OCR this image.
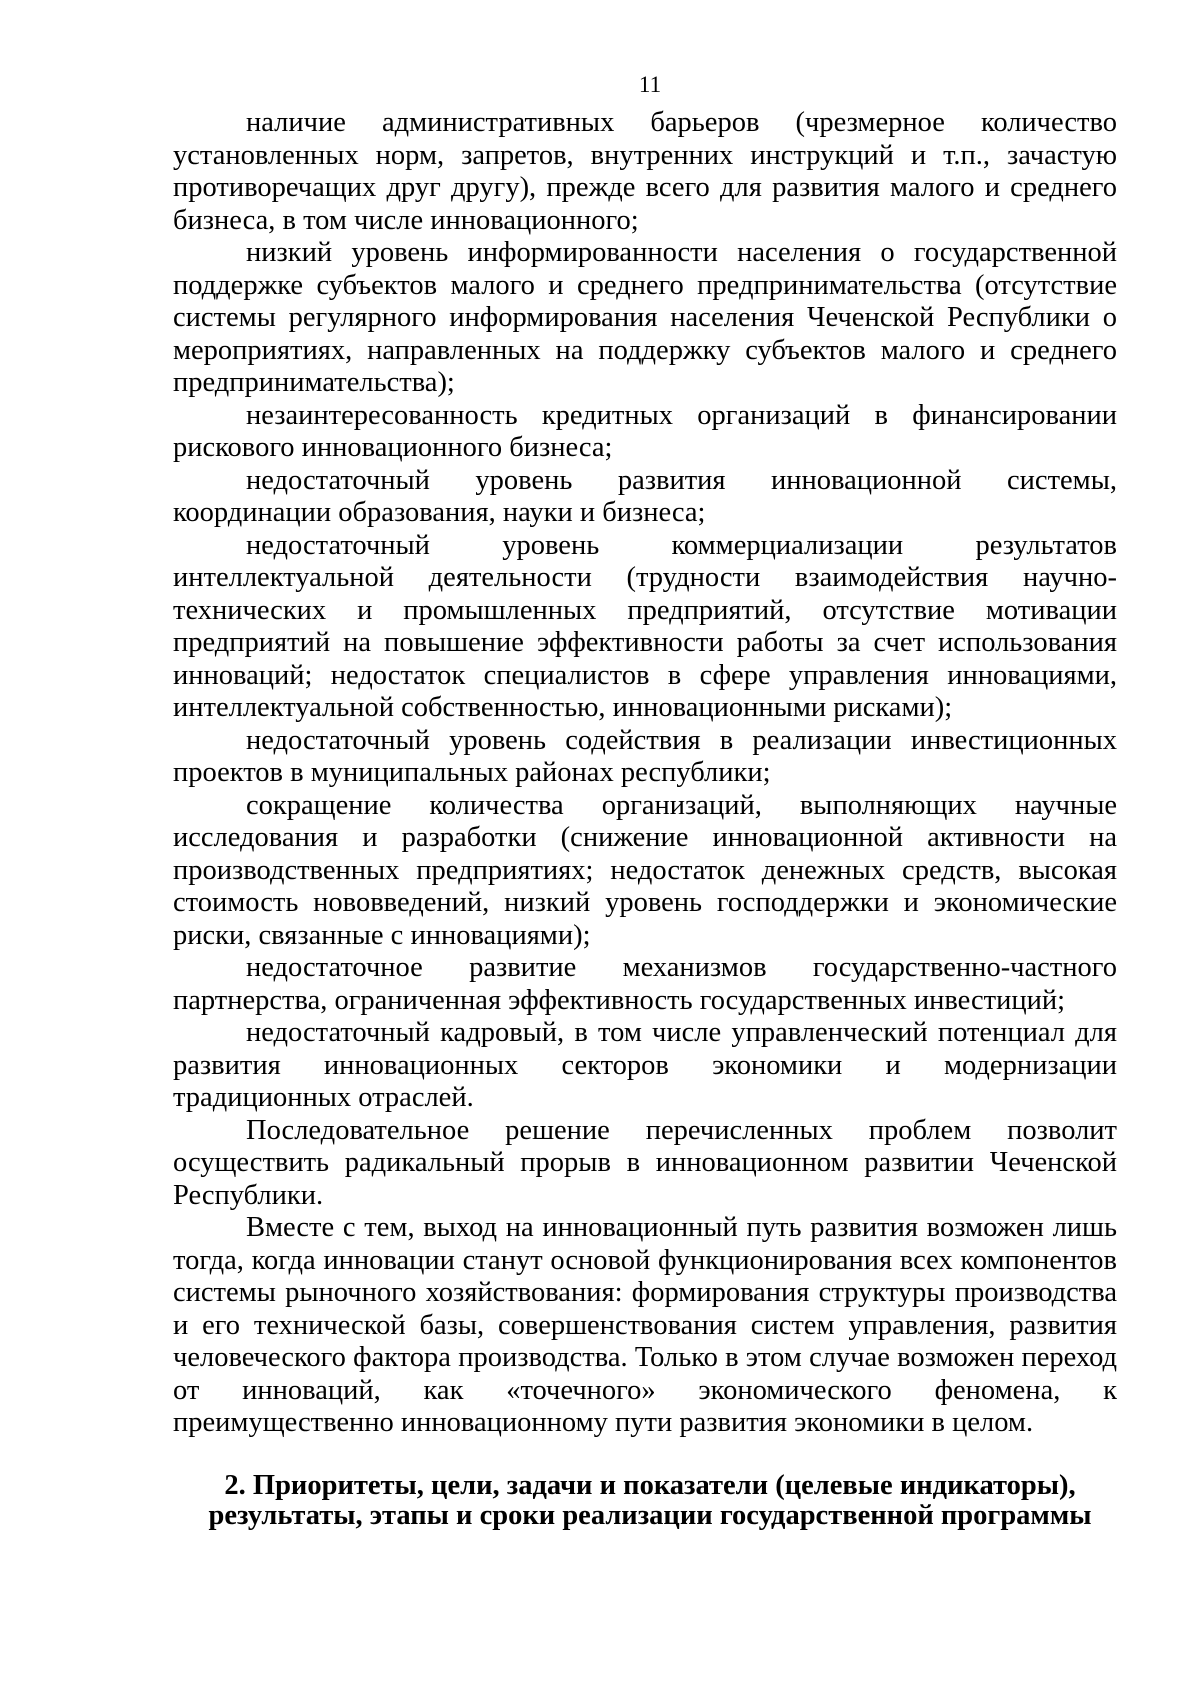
11

наличие административных барьеров (чрезмерное количество установленных норм, запретов, внутренних инструкций и т.п., зачастую противоречащих друг другу), прежде всего для развития малого и среднего бизнеса, в том числе инновационного;

низкий уровень информированности населения о государственной поддержке субъектов малого и среднего предпринимательства (отсутствие системы регулярного информирования населения Чеченской Республики о мероприятиях, направленных на поддержку субъектов малого и среднего предпринимательства);

незаинтересованность кредитных организаций в финансировании рискового инновационного бизнеса;

недостаточный уровень развития инновационной системы, координации образования, науки и бизнеса;

недостаточный уровень коммерциализации результатов интеллектуальной деятельности (трудности взаимодействия научно-технических и промышленных предприятий, отсутствие мотивации предприятий на повышение эффективности работы за счет использования инноваций; недостаток специалистов в сфере управления инновациями, интеллектуальной собственностью, инновационными рисками);

недостаточный уровень содействия в реализации инвестиционных проектов в муниципальных районах республики;

сокращение количества организаций, выполняющих научные исследования и разработки (снижение инновационной активности на производственных предприятиях; недостаток денежных средств, высокая стоимость нововведений, низкий уровень господдержки и экономические риски, связанные с инновациями);

недостаточное развитие механизмов государственно-частного партнерства, ограниченная эффективность государственных инвестиций;

недостаточный кадровый, в том числе управленческий потенциал для развития инновационных секторов экономики и модернизации традиционных отраслей.

Последовательное решение перечисленных проблем позволит осуществить радикальный прорыв в инновационном развитии Чеченской Республики.

Вместе с тем, выход на инновационный путь развития возможен лишь тогда, когда инновации станут основой функционирования всех компонентов системы рыночного хозяйствования: формирования структуры производства и его технической базы, совершенствования систем управления, развития человеческого фактора производства. Только в этом случае возможен переход от инноваций, как «точечного» экономического феномена, к преимущественно инновационному пути развития экономики в целом.

2. Приоритеты, цели, задачи и показатели (целевые индикаторы),
результаты, этапы и сроки реализации государственной программы
